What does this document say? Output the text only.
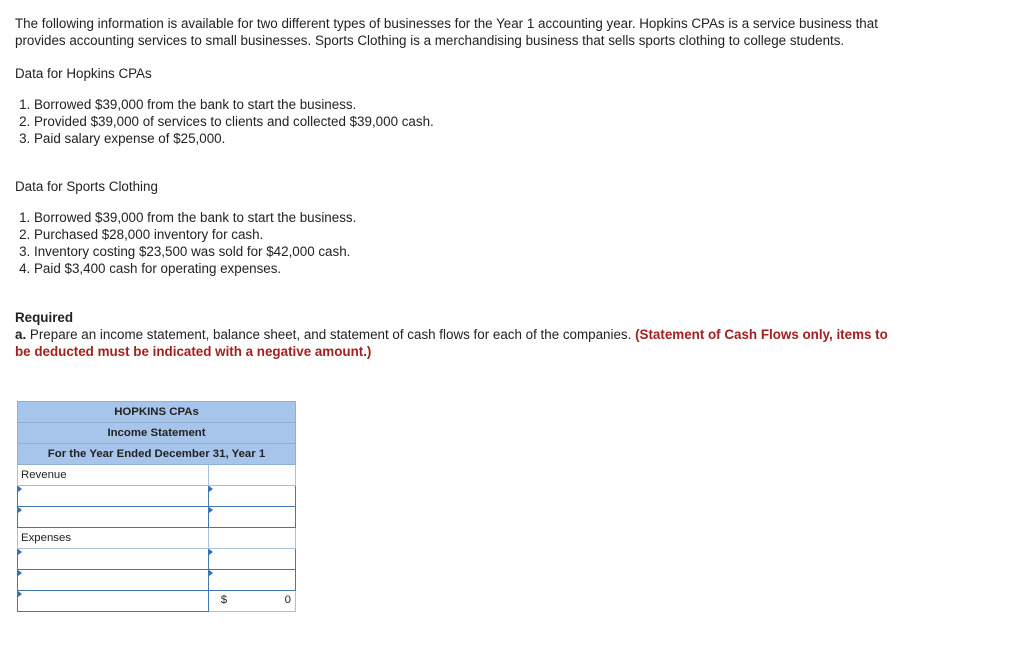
The following information is available for two different types of businesses for the Year 1 accounting year. Hopkins CPAs is a service business that provides accounting services to small businesses. Sports Clothing is a merchandising business that sells sports clothing to college students.

Data for Hopkins CPAs

1. Borrowed $39,000 from the bank to start the business.
2. Provided $39,000 of services to clients and collected $39,000 cash.
3. Paid salary expense of $25,000.

Data for Sports Clothing

1. Borrowed $39,000 from the bank to start the business.
2. Purchased $28,000 inventory for cash.
3. Inventory costing $23,500 was sold for $42,000 cash.
4. Paid $3,400 cash for operating expenses.

Required

a. Prepare an income statement, balance sheet, and statement of cash flows for each of the companies. (Statement of Cash Flows only, items to be deducted must be indicated with a negative amount.)

HOPKINS CPAs	
Income Statement	
For the Year Ended December 31, Year 1	
Revenue	

Expenses	

	$ 0
